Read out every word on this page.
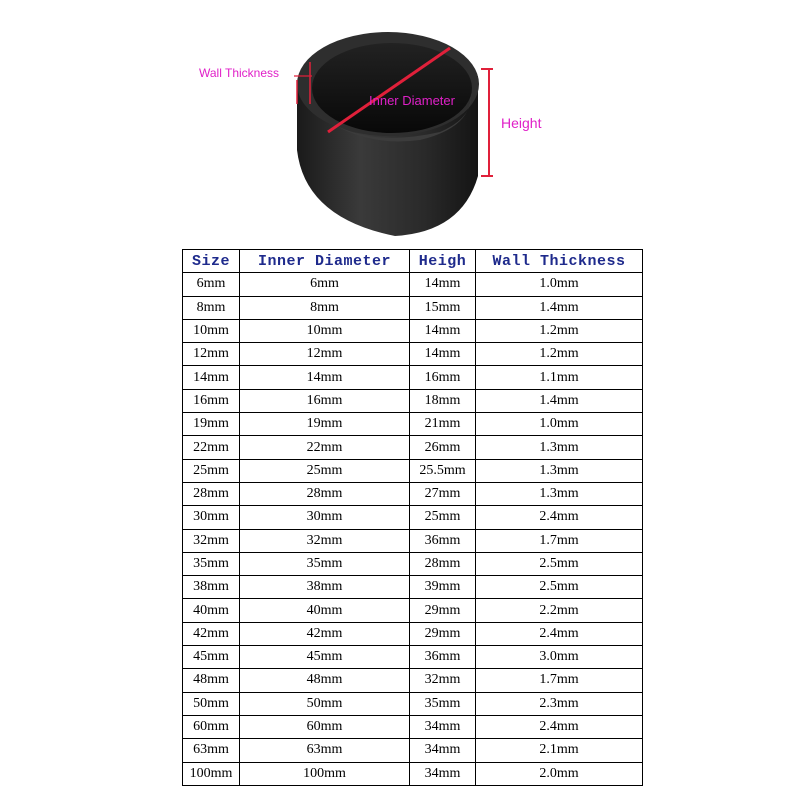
Wall Thickness
Inner Diameter
Height
Size	Inner Diameter	Heigh	Wall Thickness
6mm	6mm	14mm	1.0mm
8mm	8mm	15mm	1.4mm
10mm	10mm	14mm	1.2mm
12mm	12mm	14mm	1.2mm
14mm	14mm	16mm	1.1mm
16mm	16mm	18mm	1.4mm
19mm	19mm	21mm	1.0mm
22mm	22mm	26mm	1.3mm
25mm	25mm	25.5mm	1.3mm
28mm	28mm	27mm	1.3mm
30mm	30mm	25mm	2.4mm
32mm	32mm	36mm	1.7mm
35mm	35mm	28mm	2.5mm
38mm	38mm	39mm	2.5mm
40mm	40mm	29mm	2.2mm
42mm	42mm	29mm	2.4mm
45mm	45mm	36mm	3.0mm
48mm	48mm	32mm	1.7mm
50mm	50mm	35mm	2.3mm
60mm	60mm	34mm	2.4mm
63mm	63mm	34mm	2.1mm
100mm	100mm	34mm	2.0mm
